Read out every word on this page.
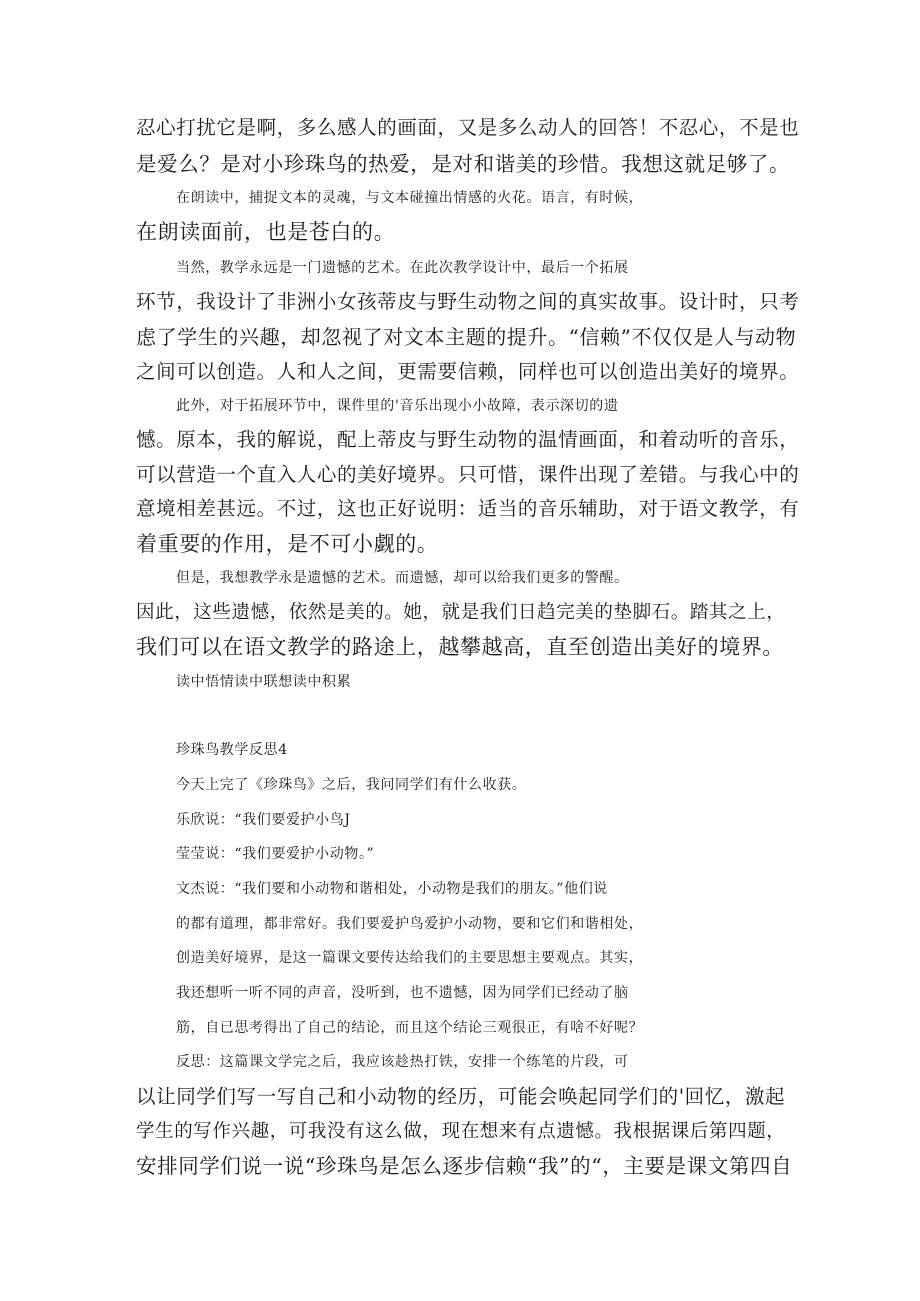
忍心打扰它是啊，多么感人的画面，又是多么动人的回答！不忍心，不是也
是爱么？是对小珍珠鸟的热爱，是对和谐美的珍惜。我想这就足够了。
在朗读中，捕捉文本的灵魂，与文本碰撞出情感的火花。语言，有时候，
在朗读面前，也是苍白的。
当然，教学永远是一门遗憾的艺术。在此次教学设计中，最后一个拓展
环节，我设计了非洲小女孩蒂皮与野生动物之间的真实故事。设计时，只考
虑了学生的兴趣，却忽视了对文本主题的提升。“信赖”不仅仅是人与动物
之间可以创造。人和人之间，更需要信赖，同样也可以创造出美好的境界。
此外，对于拓展环节中，课件里的'音乐出现小小故障，表示深切的遗
憾。原本，我的解说，配上蒂皮与野生动物的温情画面，和着动听的音乐，
可以营造一个直入人心的美好境界。只可惜，课件出现了差错。与我心中的
意境相差甚远。不过，这也正好说明：适当的音乐辅助，对于语文教学，有
着重要的作用，是不可小觑的。
但是，我想教学永是遗憾的艺术。而遗憾，却可以给我们更多的警醒。
因此，这些遗憾，依然是美的。她，就是我们日趋完美的垫脚石。踏其之上，
我们可以在语文教学的路途上，越攀越高，直至创造出美好的境界。
读中悟情读中联想读中积累
珍珠鸟教学反思4
今天上完了《珍珠鸟》之后，我问同学们有什么收获。
乐欣说：“我们要爱护小鸟J
莹莹说：“我们要爱护小动物。”
文杰说：“我们要和小动物和谐相处，小动物是我们的朋友。”他们说
的都有道理，都非常好。我们要爱护鸟爱护小动物，要和它们和谐相处，
创造美好境界，是这一篇课文要传达给我们的主要思想主要观点。其实，
我还想听一听不同的声音，没听到，也不遗憾，因为同学们已经动了脑
筋，自已思考得出了自己的结论，而且这个结论三观很正，有啥不好呢？
反思：这篇课文学完之后，我应该趁热打铁，安排一个练笔的片段，可
以让同学们写一写自己和小动物的经历，可能会唤起同学们的'回忆，激起
学生的写作兴趣，可我没有这么做，现在想来有点遗憾。我根据课后第四题，
安排同学们说一说“珍珠鸟是怎么逐步信赖“我”的“，主要是课文第四自
